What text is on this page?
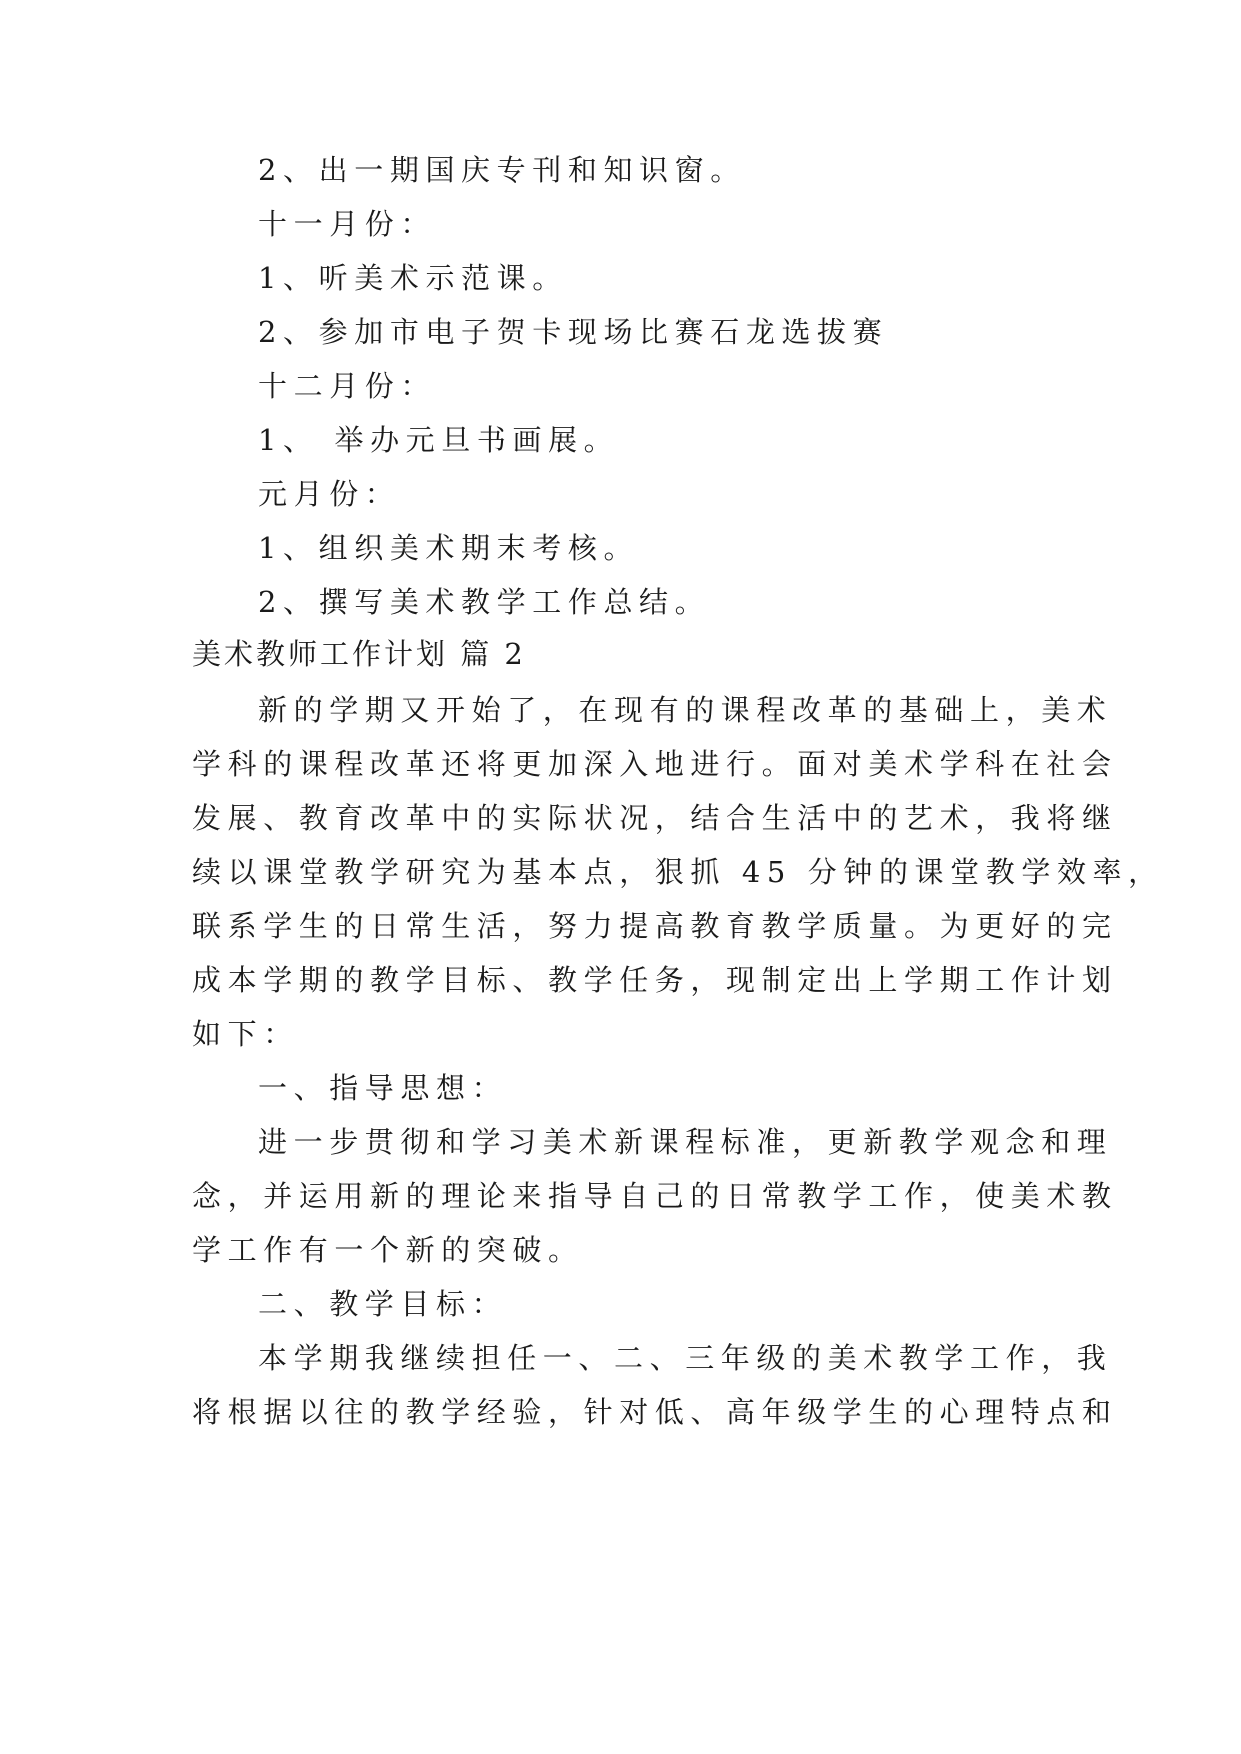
2、出一期国庆专刊和知识窗。
十一月份：
1、听美术示范课。
2、参加市电子贺卡现场比赛石龙选拔赛
十二月份：
1、 举办元旦书画展。
元月份：
1、组织美术期末考核。
2、撰写美术教学工作总结。
美术教师工作计划 篇 2
新的学期又开始了，在现有的课程改革的基础上，美术
学科的课程改革还将更加深入地进行。面对美术学科在社会
发展、教育改革中的实际状况，结合生活中的艺术，我将继
续以课堂教学研究为基本点，狠抓 45 分钟的课堂教学效率，
联系学生的日常生活，努力提高教育教学质量。为更好的完
成本学期的教学目标、教学任务，现制定出上学期工作计划
如下：
一、指导思想：
进一步贯彻和学习美术新课程标准，更新教学观念和理
念，并运用新的理论来指导自己的日常教学工作，使美术教
学工作有一个新的突破。
二、教学目标：
本学期我继续担任一、二、三年级的美术教学工作，我
将根据以往的教学经验，针对低、高年级学生的心理特点和
